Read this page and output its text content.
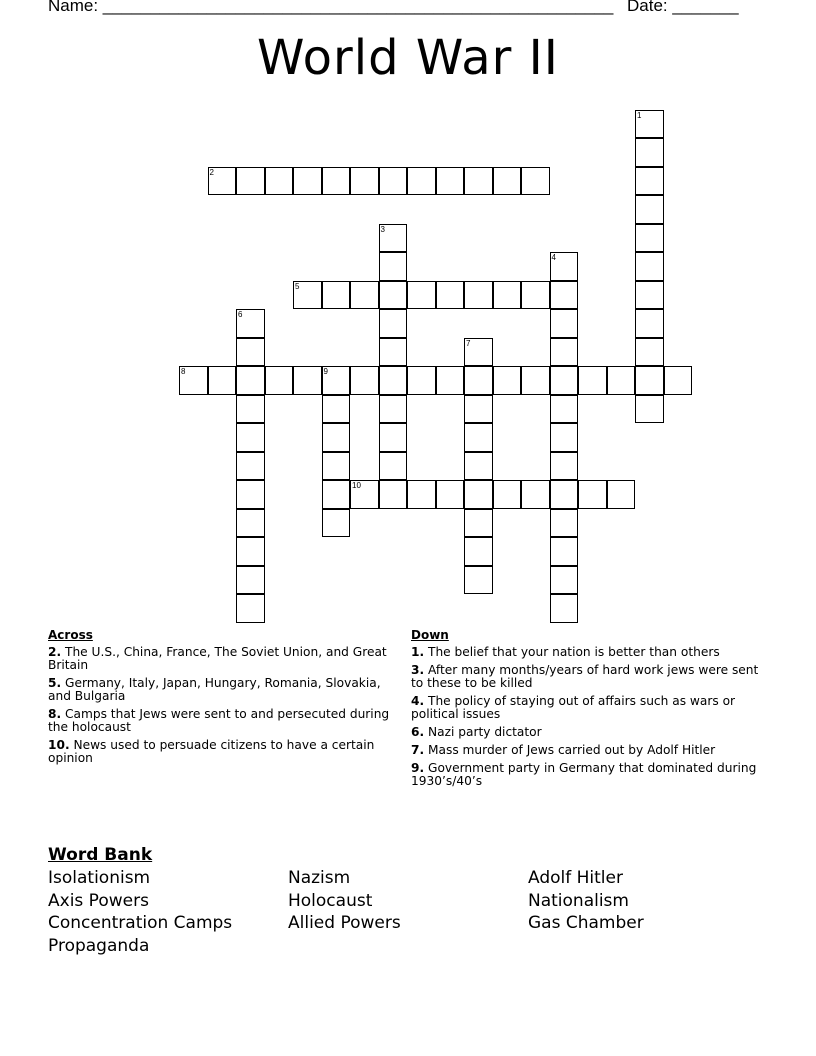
Name: ______________________________________________________ Date: _______
World War II
1
2
3
4
5
6
7
8	9
10
Across
2. The U.S., China, France, The Soviet Union, and Great Britain
5. Germany, Italy, Japan, Hungary, Romania, Slovakia, and Bulgaria
8. Camps that Jews were sent to and persecuted during the holocaust
10. News used to persuade citizens to have a certain opinion
Down
1. The belief that your nation is better than others
3. After many months/years of hard work jews were sent to these to be killed
4. The policy of staying out of affairs such as wars or political issues
6. Nazi party dictator
7. Mass murder of Jews carried out by Adolf Hitler
9. Government party in Germany that dominated during 1930’s/40’s
Word Bank
Isolationism	Nazism	Adolf Hitler
Axis Powers	Holocaust	Nationalism
Concentration Camps	Allied Powers	Gas Chamber
Propaganda
